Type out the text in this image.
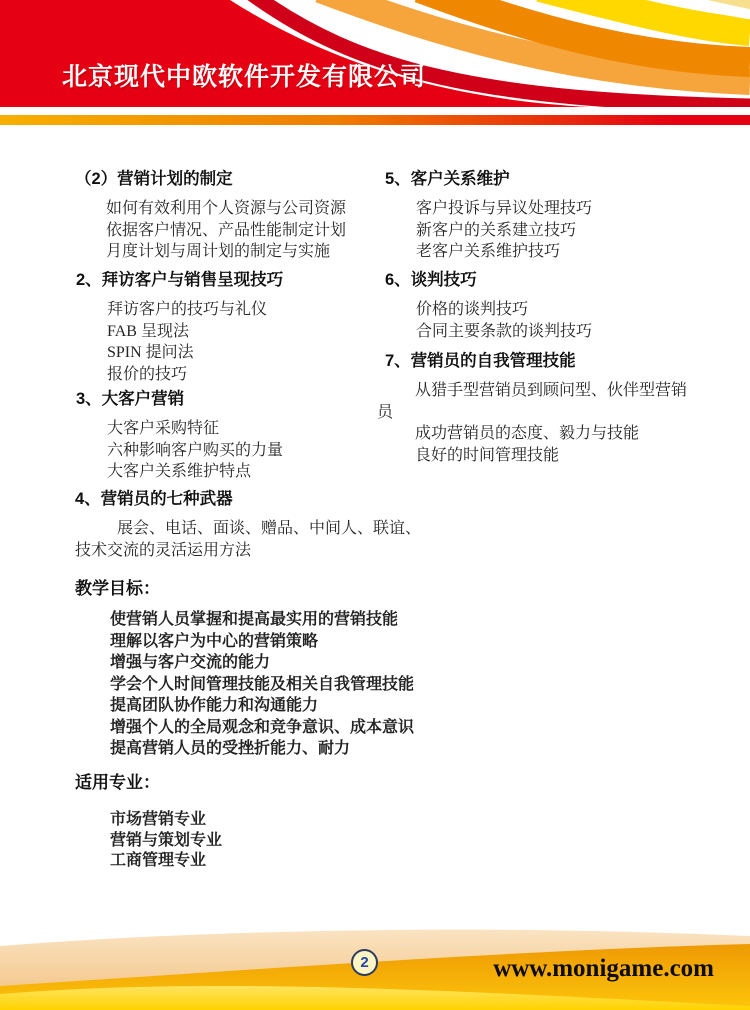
北京现代中欧软件开发有限公司
（2）营销计划的制定
如何有效利用个人资源与公司资源
依据客户情况、产品性能制定计划
月度计划与周计划的制定与实施
2、拜访客户与销售呈现技巧
拜访客户的技巧与礼仪
FAB 呈现法
SPIN 提问法
报价的技巧
3、大客户营销
大客户采购特征
六种影响客户购买的力量
大客户关系维护特点
4、营销员的七种武器
展会、电话、面谈、赠品、中间人、联谊、
技术交流的灵活运用方法
5、客户关系维护
客户投诉与异议处理技巧
新客户的关系建立技巧
老客户关系维护技巧
6、谈判技巧
价格的谈判技巧
合同主要条款的谈判技巧
7、营销员的自我管理技能
从猎手型营销员到顾问型、伙伴型营销
员
成功营销员的态度、毅力与技能
良好的时间管理技能
教学目标：
使营销人员掌握和提高最实用的营销技能
理解以客户为中心的营销策略
增强与客户交流的能力
学会个人时间管理技能及相关自我管理技能
提高团队协作能力和沟通能力
增强个人的全局观念和竞争意识、成本意识
提高营销人员的受挫折能力、耐力
适用专业：
市场营销专业
营销与策划专业
工商管理专业
2	www.monigame.com
